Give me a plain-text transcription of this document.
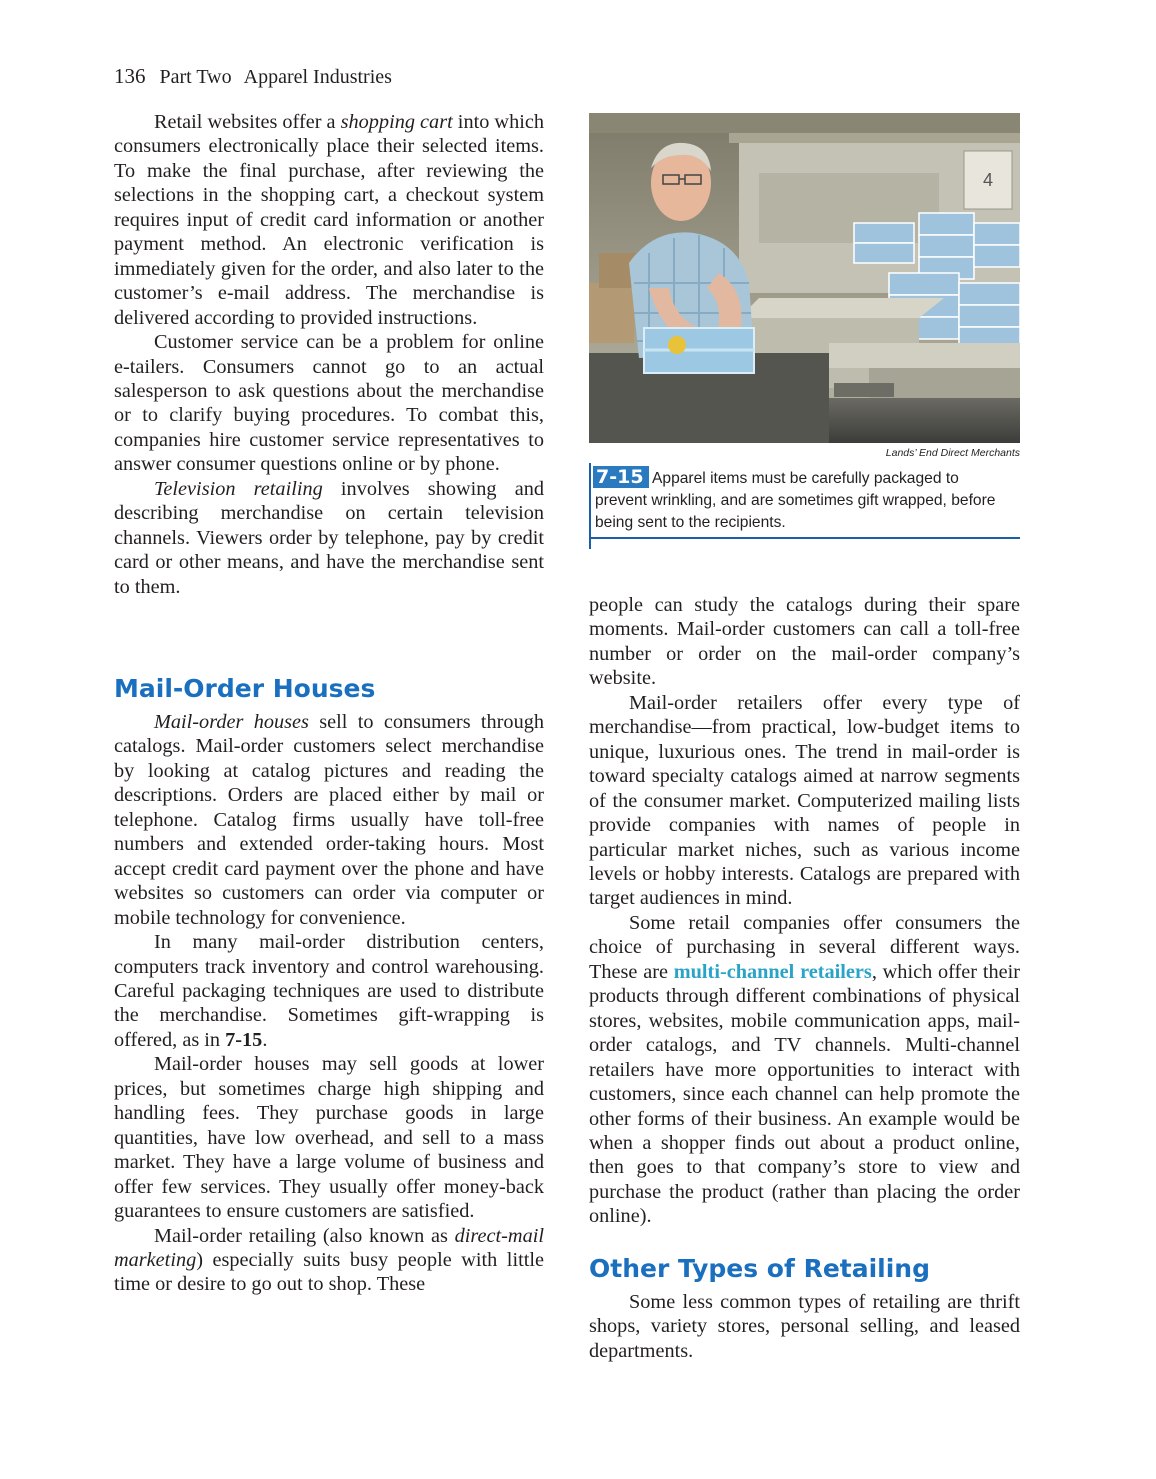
136 Part Two Apparel Industries

Retail websites offer a shopping cart into which consumers electronically place their selected items. To make the final purchase, after reviewing the selections in the shopping cart, a checkout system requires input of credit card information or another payment method. An electronic verification is immediately given for the order, and also later to the customer’s e-mail address. The merchandise is delivered according to provided instructions.

Customer service can be a problem for online e-tailers. Consumers cannot go to an actual salesperson to ask questions about the merchandise or to clarify buying procedures. To combat this, companies hire customer service representatives to answer consumer questions online or by phone.

Television retailing involves showing and describing merchandise on certain television channels. Viewers order by telephone, pay by credit card or other means, and have the merchandise sent to them.

Mail-Order Houses

Mail-order houses sell to consumers through catalogs. Mail-order customers select merchandise by looking at catalog pictures and reading the descriptions. Orders are placed either by mail or telephone. Catalog firms usually have toll-free numbers and extended order-taking hours. Most accept credit card payment over the phone and have websites so customers can order via computer or mobile technology for convenience.

In many mail-order distribution centers, computers track inventory and control warehousing. Careful packaging techniques are used to distribute the merchandise. Sometimes gift-wrapping is offered, as in 7-15.

Mail-order houses may sell goods at lower prices, but sometimes charge high shipping and handling fees. They purchase goods in large quantities, have low overhead, and sell to a mass market. They have a large volume of business and offer few services. They usually offer money-back guarantees to ensure customers are satisfied.

Mail-order retailing (also known as direct-mail marketing) especially suits busy people with little time or desire to go out to shop. These

4
Lands’ End Direct Merchants
Apparel items must be carefully packaged to prevent wrinkling, and are sometimes gift wrapped, before being sent to the recipients.
7-15

people can study the catalogs during their spare moments. Mail-order customers can call a toll-free number or order on the mail-order company’s website.

Mail-order retailers offer every type of merchandise—from practical, low-budget items to unique, luxurious ones. The trend in mail-order is toward specialty catalogs aimed at narrow segments of the consumer market. Computerized mailing lists provide companies with names of people in particular market niches, such as various income levels or hobby interests. Catalogs are prepared with target audiences in mind.

Some retail companies offer consumers the choice of purchasing in several different ways. These are multi-channel retailers, which offer their products through different combinations of physical stores, websites, mobile communication apps, mail-order catalogs, and TV channels. Multi-channel retailers have more opportunities to interact with customers, since each channel can help promote the other forms of their business. An example would be when a shopper finds out about a product online, then goes to that company’s store to view and purchase the product (rather than placing the order online).

Other Types of Retailing

Some less common types of retailing are thrift shops, variety stores, personal selling, and leased departments.
